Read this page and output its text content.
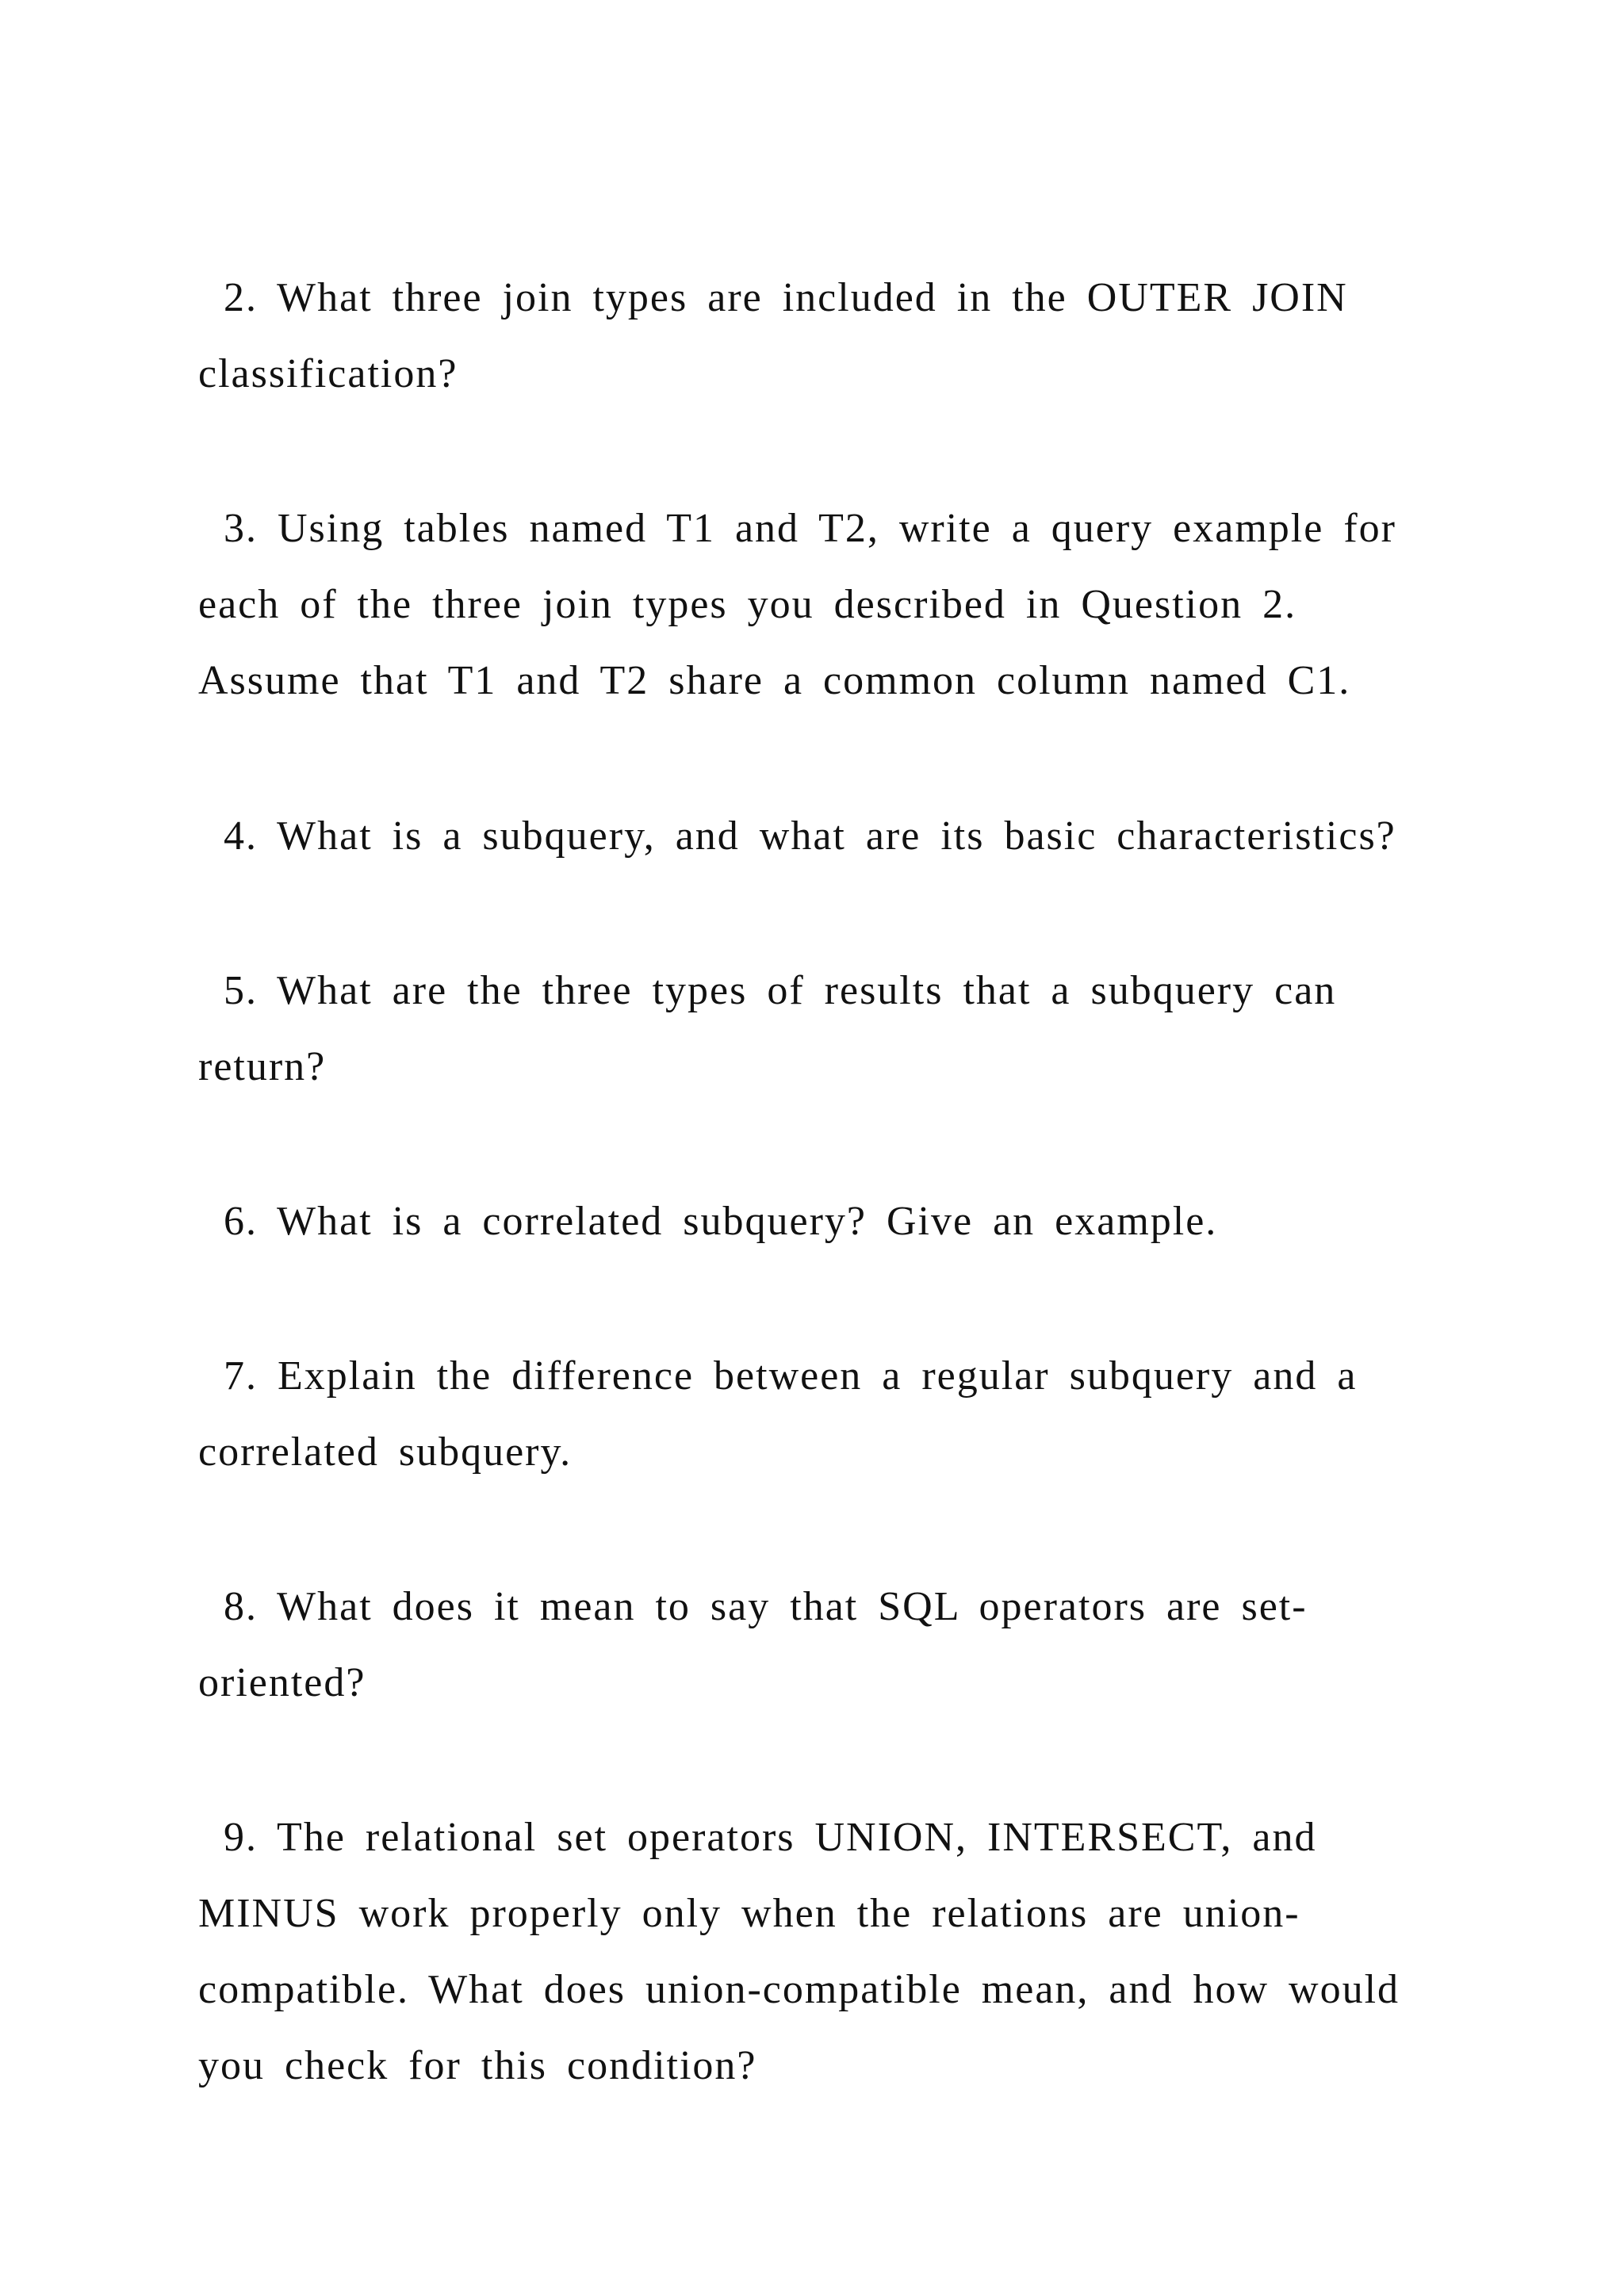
2. What three join types are included in the OUTER JOIN
classification?
3. Using tables named T1 and T2, write a query example for
each of the three join types you described in Question 2.
Assume that T1 and T2 share a common column named C1.
4. What is a subquery, and what are its basic characteristics?
5. What are the three types of results that a subquery can
return?
6. What is a correlated subquery? Give an example.
7. Explain the difference between a regular subquery and a
correlated subquery.
8. What does it mean to say that SQL operators are set-
oriented?
9. The relational set operators UNION, INTERSECT, and
MINUS work properly only when the relations are union-
compatible. What does union-compatible mean, and how would
you check for this condition?
